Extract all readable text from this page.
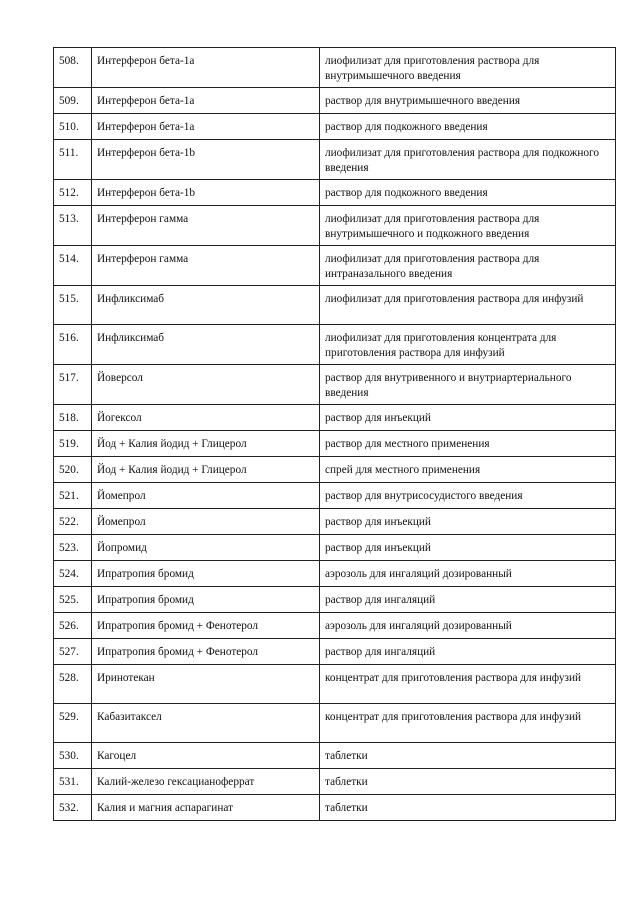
508.	Интерферон бета-1а	лиофилизат для приготовления раствора для внутримышечного введения
509.	Интерферон бета-1а	раствор для внутримышечного введения
510.	Интерферон бета-1а	раствор для подкожного введения
511.	Интерферон бета-1b	лиофилизат для приготовления раствора для подкожного введения
512.	Интерферон бета-1b	раствор для подкожного введения
513.	Интерферон гамма	лиофилизат для приготовления раствора для внутримышечного и подкожного введения
514.	Интерферон гамма	лиофилизат для приготовления раствора для интраназального введения
515.	Инфликсимаб	лиофилизат для приготовления раствора для инфузий
516.	Инфликсимаб	лиофилизат для приготовления концентрата для приготовления раствора для инфузий
517.	Йоверсол	раствор для внутривенного и внутриартериального введения
518.	Йогексол	раствор для инъекций
519.	Йод + Калия йодид + Глицерол	раствор для местного применения
520.	Йод + Калия йодид + Глицерол	спрей для местного применения
521.	Йомепрол	раствор для внутрисосудистого введения
522.	Йомепрол	раствор для инъекций
523.	Йопромид	раствор для инъекций
524.	Ипратропия бромид	аэрозоль для ингаляций дозированный
525.	Ипратропия бромид	раствор для ингаляций
526.	Ипратропия бромид + Фенотерол	аэрозоль для ингаляций дозированный
527.	Ипратропия бромид + Фенотерол	раствор для ингаляций
528.	Иринотекан	концентрат для приготовления раствора для инфузий
529.	Кабазитаксел	концентрат для приготовления раствора для инфузий
530.	Кагоцел	таблетки
531.	Калий-железо гексацианоферрат	таблетки
532.	Калия и магния аспарагинат	таблетки
